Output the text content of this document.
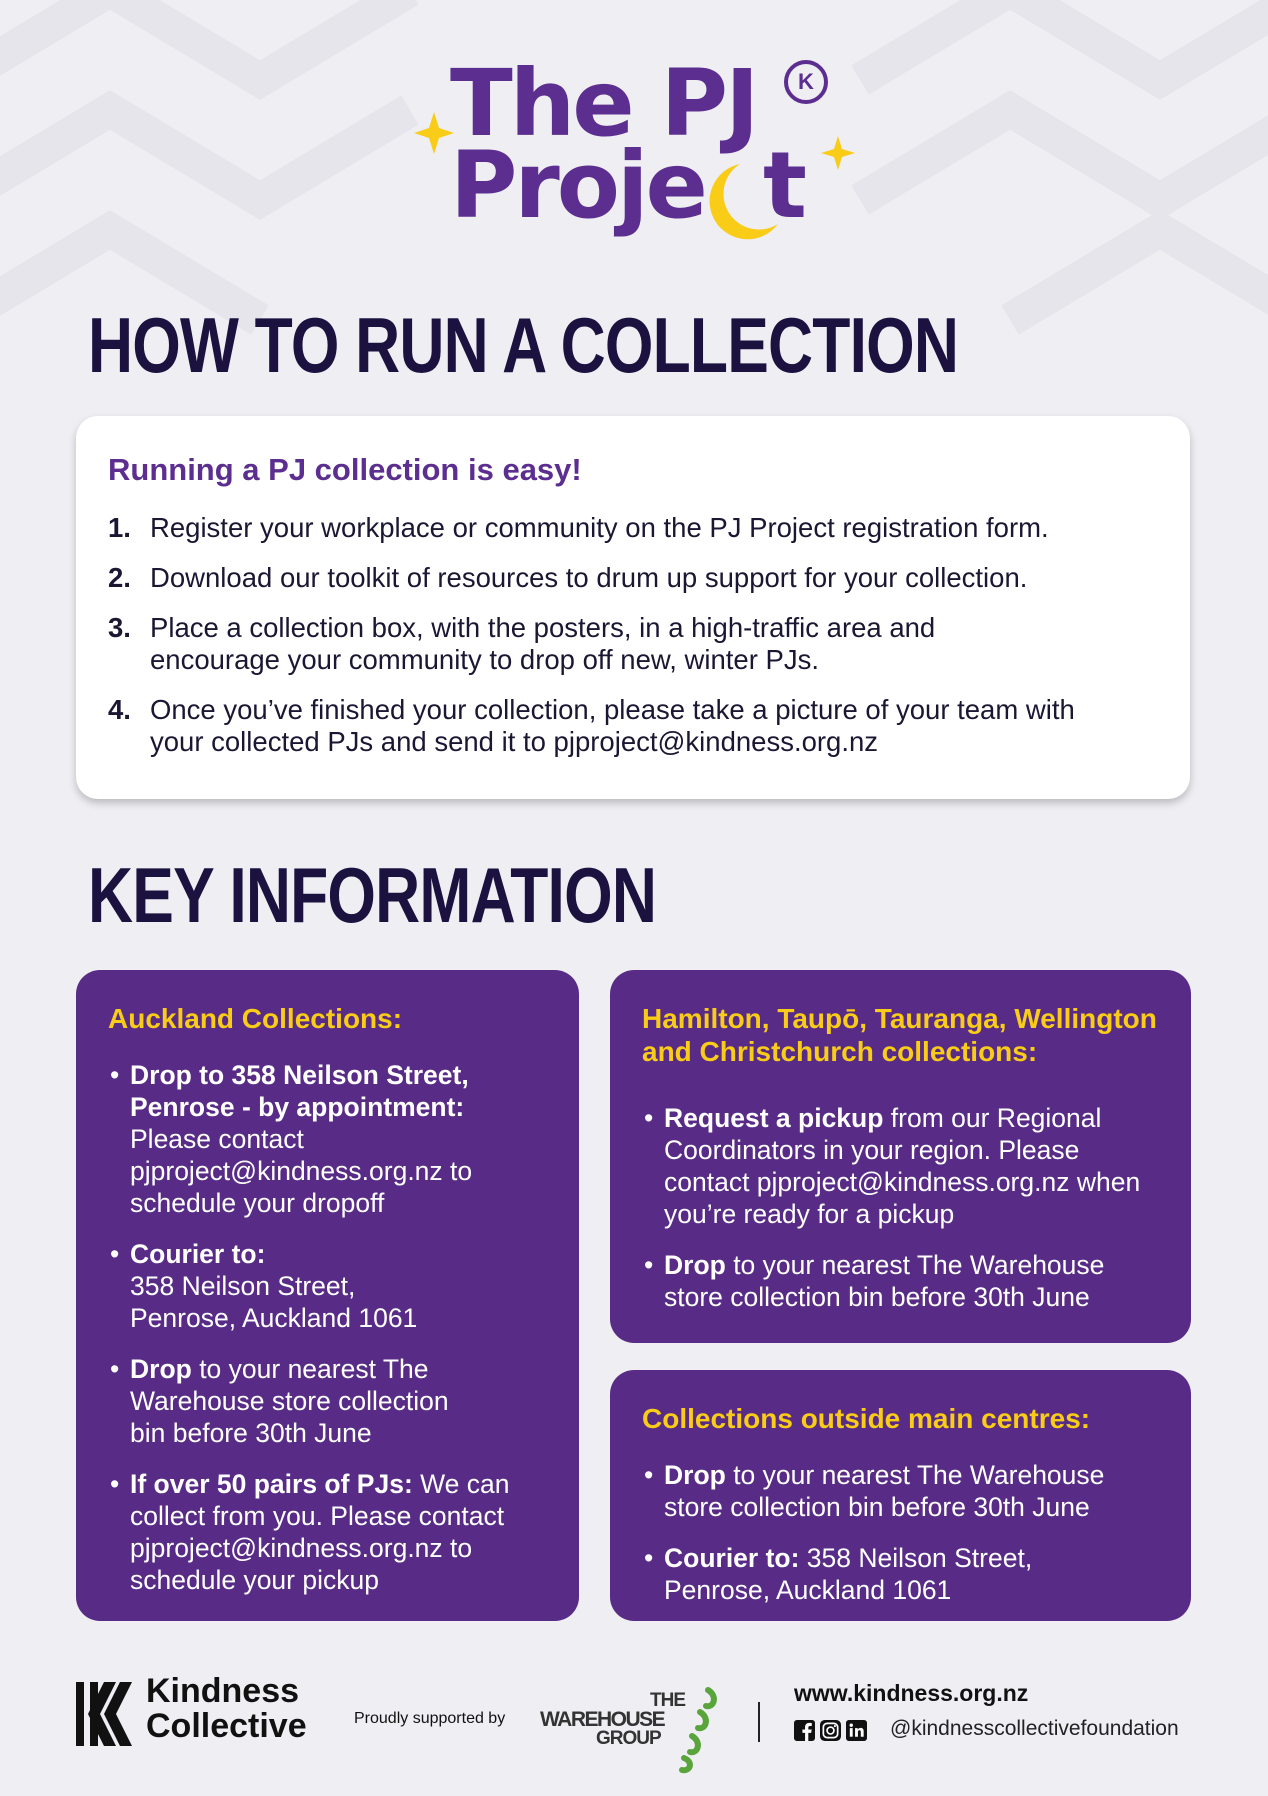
The PJ
Proje t
K
HOW TO RUN A COLLECTION
Running a PJ collection is easy!
1. Register your workplace or community on the PJ Project registration form.
2. Download our toolkit of resources to drum up support for your collection.
3. Place a collection box, with the posters, in a high-traffic area and encourage your community to drop off new, winter PJs.
4. Once you’ve finished your collection, please take a picture of your team with your collected PJs and send it to pjproject@kindness.org.nz
KEY INFORMATION
Auckland Collections:
• Drop to 358 Neilson Street, Penrose - by appointment:
Please contact pjproject@kindness.org.nz to schedule your dropoff
• Courier to:
358 Neilson Street, Penrose, Auckland 1061
• Drop to your nearest The Warehouse store collection bin before 30th June
• If over 50 pairs of PJs: We can collect from you. Please contact pjproject@kindness.org.nz to schedule your pickup
Hamilton, Taupō, Tauranga, Wellington and Christchurch collections:
• Request a pickup from our Regional Coordinators in your region. Please contact pjproject@kindness.org.nz when you’re ready for a pickup
• Drop to your nearest The Warehouse store collection bin before 30th June
Collections outside main centres:
• Drop to your nearest The Warehouse store collection bin before 30th June
• Courier to: 358 Neilson Street, Penrose, Auckland 1061
Kindness
Collective	Proudly supported by
THE
WAREHOUSE
GROUP
www.kindness.org.nz
@kindnesscollectivefoundation
